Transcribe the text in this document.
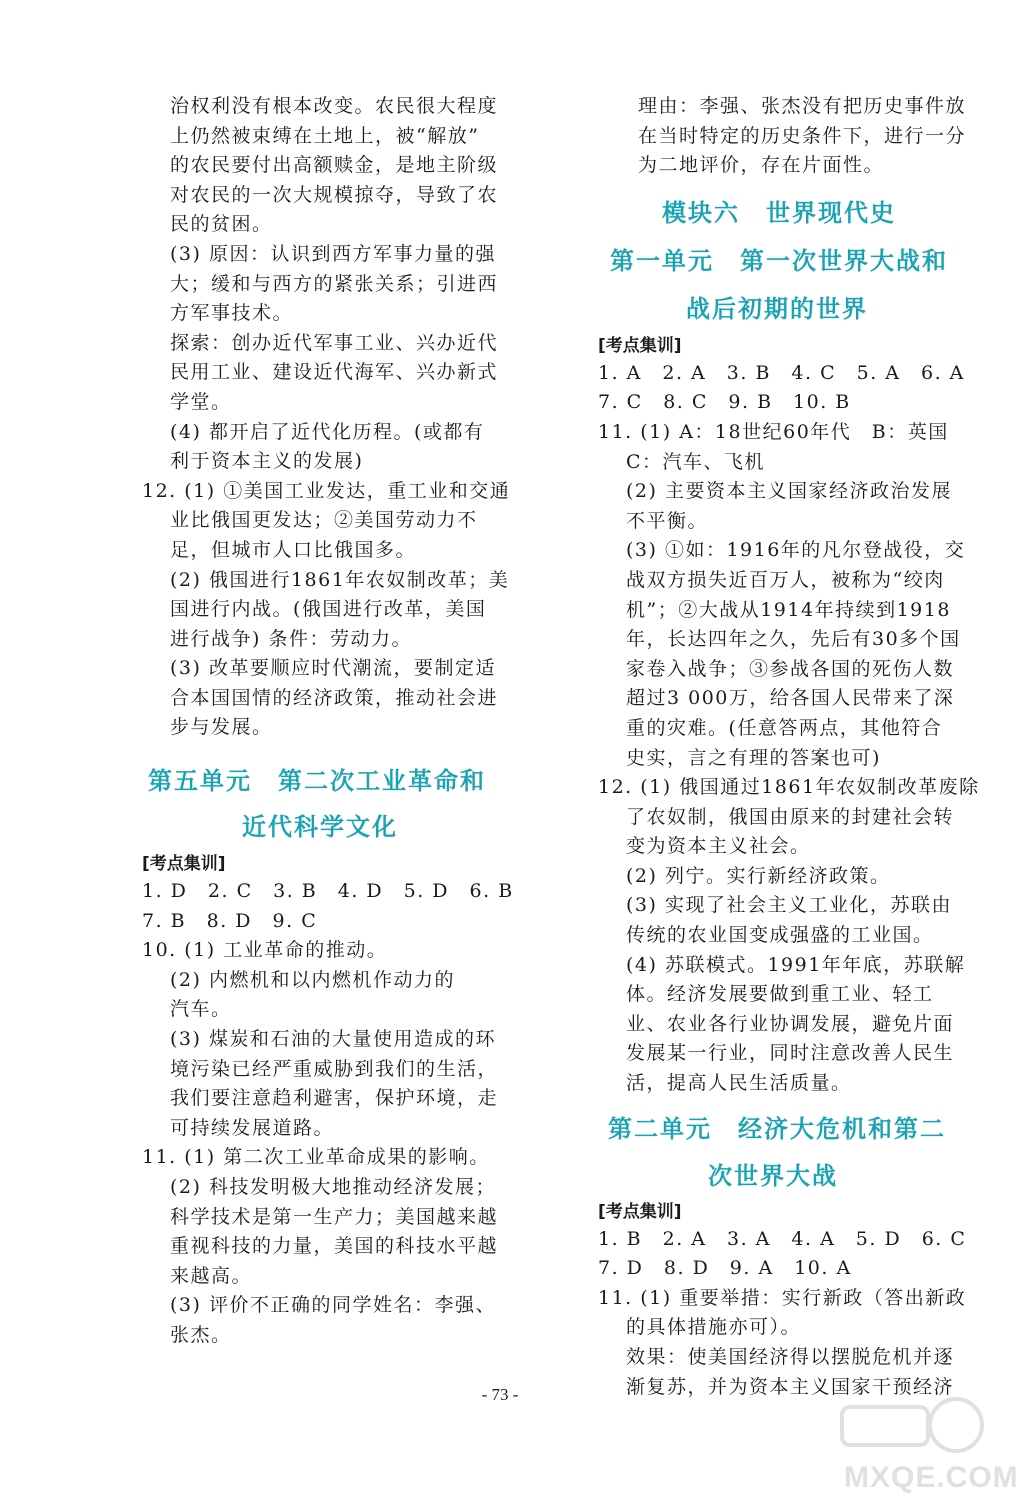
治权利没有根本改变。农民很大程度
上仍然被束缚在土地上，被“解放”
的农民要付出高额赎金，是地主阶级
对农民的一次大规模掠夺，导致了农
民的贫困。
(3) 原因：认识到西方军事力量的强
大；缓和与西方的紧张关系；引进西
方军事技术。
探索：创办近代军事工业、兴办近代
民用工业、建设近代海军、兴办新式
学堂。
(4) 都开启了近代化历程。(或都有
利于资本主义的发展)
12. (1) ①美国工业发达，重工业和交通
业比俄国更发达；②美国劳动力不
足，但城市人口比俄国多。
(2) 俄国进行1861年农奴制改革；美
国进行内战。(俄国进行改革，美国
进行战争) 条件：劳动力。
(3) 改革要顺应时代潮流，要制定适
合本国国情的经济政策，推动社会进
步与发展。
第五单元　第二次工业革命和
近代科学文化
[考点集训]
1. D　2. C　3. B　4. D　5. D　6. B
7. B　8. D　9. C
10. (1) 工业革命的推动。
(2) 内燃机和以内燃机作动力的
汽车。
(3) 煤炭和石油的大量使用造成的环
境污染已经严重威胁到我们的生活，
我们要注意趋利避害，保护环境，走
可持续发展道路。
11. (1) 第二次工业革命成果的影响。
(2) 科技发明极大地推动经济发展；
科学技术是第一生产力；美国越来越
重视科技的力量，美国的科技水平越
来越高。
(3) 评价不正确的同学姓名：李强、
张杰。
理由：李强、张杰没有把历史事件放
在当时特定的历史条件下，进行一分
为二地评价，存在片面性。
模块六　世界现代史
第一单元　第一次世界大战和
战后初期的世界
[考点集训]
1. A　2. A　3. B　4. C　5. A　6. A
7. C　8. C　9. B　10. B
11. (1) A：18世纪60年代　B：英国
C：汽车、飞机
(2) 主要资本主义国家经济政治发展
不平衡。
(3) ①如：1916年的凡尔登战役，交
战双方损失近百万人，被称为“绞肉
机”；②大战从1914年持续到1918
年，长达四年之久，先后有30多个国
家卷入战争；③参战各国的死伤人数
超过3 000万，给各国人民带来了深
重的灾难。(任意答两点，其他符合
史实，言之有理的答案也可)
12. (1) 俄国通过1861年农奴制改革废除
了农奴制，俄国由原来的封建社会转
变为资本主义社会。
(2) 列宁。实行新经济政策。
(3) 实现了社会主义工业化，苏联由
传统的农业国变成强盛的工业国。
(4) 苏联模式。1991年年底，苏联解
体。经济发展要做到重工业、轻工
业、农业各行业协调发展，避免片面
发展某一行业，同时注意改善人民生
活，提高人民生活质量。
第二单元　经济大危机和第二
次世界大战
[考点集训]
1. B　2. A　3. A　4. A　5. D　6. C
7. D　8. D　9. A　10. A
11. (1) 重要举措：实行新政（答出新政
的具体措施亦可）。
效果：使美国经济得以摆脱危机并逐
渐复苏，并为资本主义国家干预经济
- 73 -
MXQE.COM
